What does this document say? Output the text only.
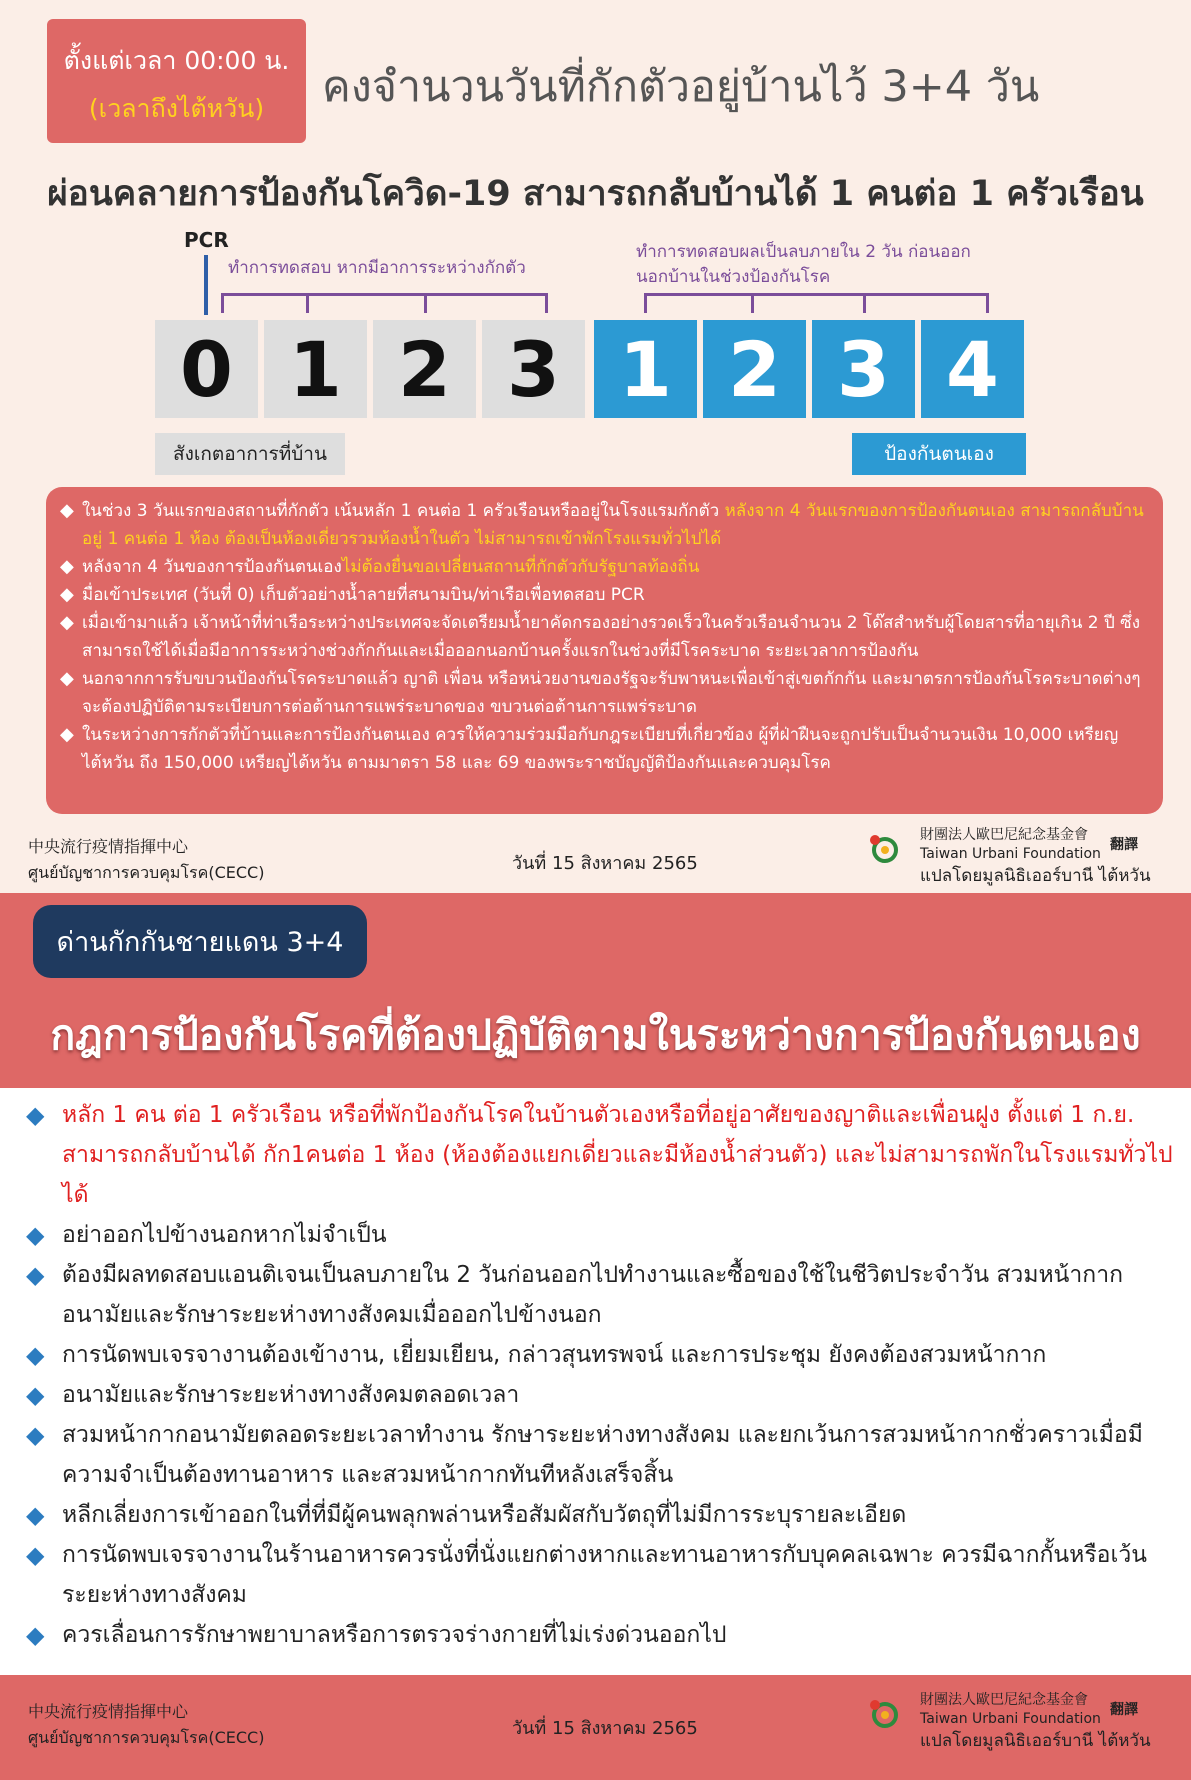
ตั้งแต่เวลา 00:00 น.
(เวลาถึงไต้หวัน)	คงจำนวนวันที่กักตัวอยู่บ้านไว้ 3+4 วัน
ผ่อนคลายการป้องกันโควิด-19 สามารถกลับบ้านได้ 1 คนต่อ 1 ครัวเรือน
PCR
ทำการทดสอบ หากมีอาการระหว่างกักตัว
ทำการทดสอบผลเป็นลบภายใน 2 วัน ก่อนออก
นอกบ้านในช่วงป้องกันโรค
0 1 2 3 1 2 3 4
สังเกตอาการที่บ้าน	ป้องกันตนเอง
◆ ในช่วง 3 วันแรกของสถานที่กักตัว เน้นหลัก 1 คนต่อ 1 ครัวเรือนหรืออยู่ในโรงแรมกักตัว หลังจาก 4 วันแรกของการป้องกันตนเอง สามารถกลับบ้านอยู่ 1 คนต่อ 1 ห้อง ต้องเป็นห้องเดี่ยวรวมห้องน้ำในตัว ไม่สามารถเข้าพักโรงแรมทั่วไปได้
◆ หลังจาก 4 วันของการป้องกันตนเองไม่ต้องยื่นขอเปลี่ยนสถานที่กักตัวกับรัฐบาลท้องถิ่น
◆ มื่อเข้าประเทศ (วันที่ 0) เก็บตัวอย่างน้ำลายที่สนามบิน/ท่าเรือเพื่อทดสอบ PCR
◆ เมื่อเข้ามาแล้ว เจ้าหน้าที่ท่าเรือระหว่างประเทศจะจัดเตรียมน้ำยาคัดกรองอย่างรวดเร็วในครัวเรือนจำนวน 2 โด๊สสำหรับผู้โดยสารที่อายุเกิน 2 ปี ซึ่งสามารถใช้ได้เมื่อมีอาการระหว่างช่วงกักกันและเมื่อออกนอกบ้านครั้งแรกในช่วงที่มีโรคระบาด ระยะเวลาการป้องกัน
◆ นอกจากการรับขบวนป้องกันโรคระบาดแล้ว ญาติ เพื่อน หรือหน่วยงานของรัฐจะรับพาหนะเพื่อเข้าสู่เขตกักกัน และมาตรการป้องกันโรคระบาดต่างๆ จะต้องปฏิบัติตามระเบียบการต่อต้านการแพร่ระบาดของ ขบวนต่อต้านการแพร่ระบาด
◆ ในระหว่างการกักตัวที่บ้านและการป้องกันตนเอง ควรให้ความร่วมมือกับกฎระเบียบที่เกี่ยวข้อง ผู้ที่ฝ่าฝืนจะถูกปรับเป็นจำนวนเงิน 10,000 เหรียญไต้หวัน ถึง 150,000 เหรียญไต้หวัน ตามมาตรา 58 และ 69 ของพระราชบัญญัติป้องกันและควบคุมโรค
中央流行疫情指揮中心
ศูนย์บัญชาการควบคุมโรค(CECC)	วันที่ 15 สิงหาคม 2565
財團法人歐巴尼紀念基金會
Taiwan Urbani Foundation
แปลโดยมูลนิธิเออร์บานี ไต้หวัน
翻譯
ด่านกักกันชายแดน 3+4
กฎการป้องกันโรคที่ต้องปฏิบัติตามในระหว่างการป้องกันตนเอง
◆ หลัก 1 คน ต่อ 1 ครัวเรือน หรือที่พักป้องกันโรคในบ้านตัวเองหรือที่อยู่อาศัยของญาติและเพื่อนฝูง ตั้งแต่ 1 ก.ย. สามารถกลับบ้านได้ กัก1คนต่อ 1 ห้อง (ห้องต้องแยกเดี่ยวและมีห้องน้ำส่วนตัว) และไม่สามารถพักในโรงแรมทั่วไปได้
◆ อย่าออกไปข้างนอกหากไม่จำเป็น
◆ ต้องมีผลทดสอบแอนติเจนเป็นลบภายใน 2 วันก่อนออกไปทำงานและซื้อของใช้ในชีวิตประจำวัน สวมหน้ากากอนามัยและรักษาระยะห่างทางสังคมเมื่อออกไปข้างนอก
◆ การนัดพบเจรจางานต้องเข้างาน, เยี่ยมเยียน, กล่าวสุนทรพจน์ และการประชุม ยังคงต้องสวมหน้ากาก
◆ อนามัยและรักษาระยะห่างทางสังคมตลอดเวลา
◆ สวมหน้ากากอนามัยตลอดระยะเวลาทำงาน รักษาระยะห่างทางสังคม และยกเว้นการสวมหน้ากากชั่วคราวเมื่อมีความจำเป็นต้องทานอาหาร และสวมหน้ากากทันทีหลังเสร็จสิ้น
◆ หลีกเลี่ยงการเข้าออกในที่ที่มีผู้คนพลุกพล่านหรือสัมผัสกับวัตถุที่ไม่มีการระบุรายละเอียด
◆ การนัดพบเจรจางานในร้านอาหารควรนั่งที่นั่งแยกต่างหากและทานอาหารกับบุคคลเฉพาะ ควรมีฉากกั้นหรือเว้นระยะห่างทางสังคม
◆ ควรเลื่อนการรักษาพยาบาลหรือการตรวจร่างกายที่ไม่เร่งด่วนออกไป
中央流行疫情指揮中心
ศูนย์บัญชาการควบคุมโรค(CECC)	วันที่ 15 สิงหาคม 2565
財團法人歐巴尼紀念基金會
Taiwan Urbani Foundation
แปลโดยมูลนิธิเออร์บานี ไต้หวัน
翻譯
